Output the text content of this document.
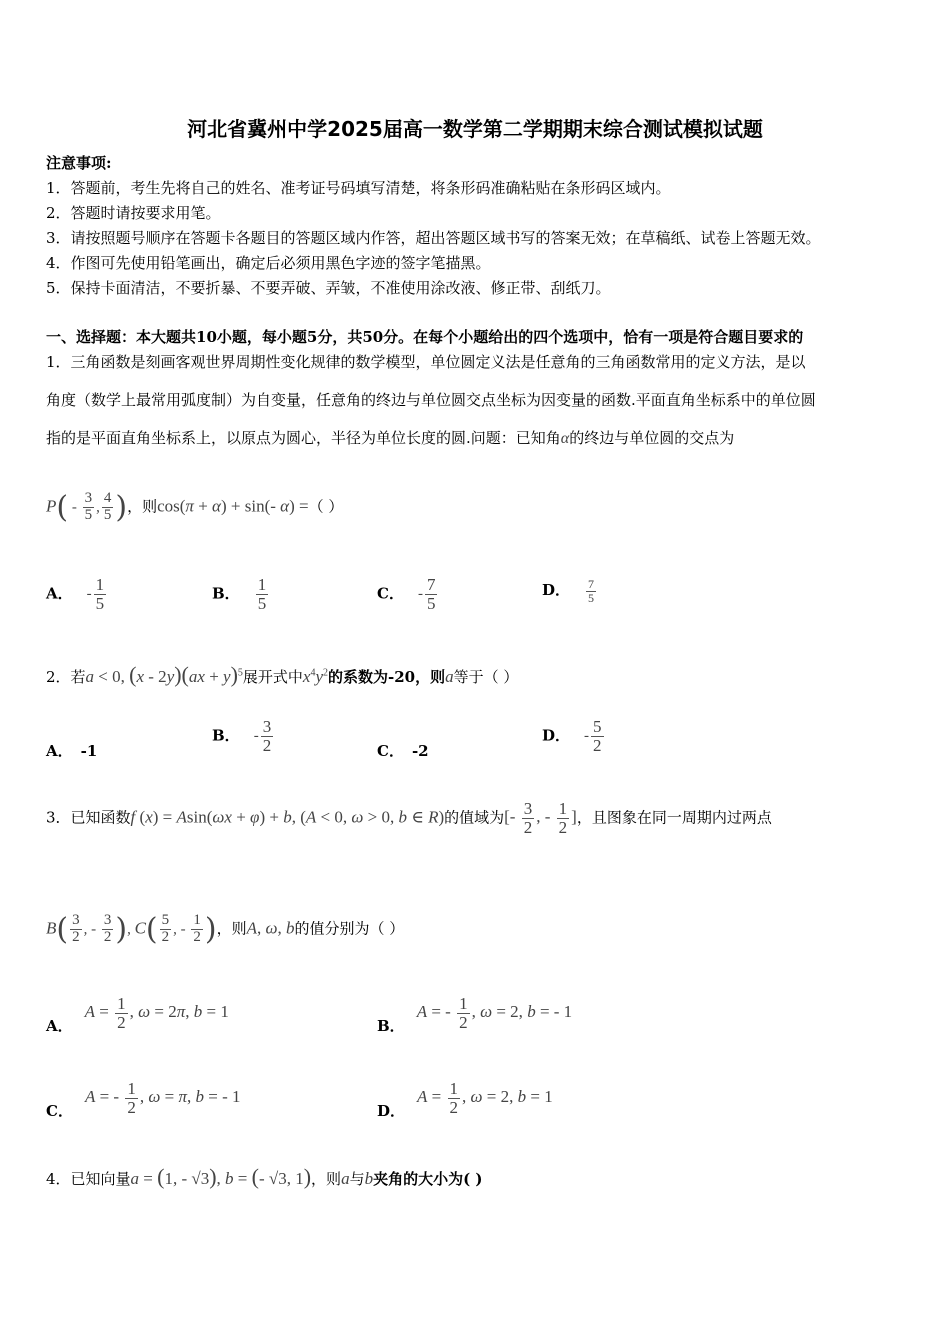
河北省冀州中学2025届高一数学第二学期期末综合测试模拟试题
注意事项:
1．答题前，考生先将自己的姓名、准考证号码填写清楚，将条形码准确粘贴在条形码区域内。
2．答题时请按要求用笔。
3．请按照题号顺序在答题卡各题目的答题区域内作答，超出答题区域书写的答案无效；在草稿纸、试卷上答题无效。
4．作图可先使用铅笔画出，确定后必须用黑色字迹的签字笔描黑。
5．保持卡面清洁，不要折暴、不要弄破、弄皱，不准使用涂改液、修正带、刮纸刀。
一、选择题：本大题共10小题，每小题5分，共50分。在每个小题给出的四个选项中，恰有一项是符合题目要求的
1．三角函数是刻画客观世界周期性变化规律的数学模型，单位圆定义法是任意角的三角函数常用的定义方法，是以
角度（数学上最常用弧度制）为自变量，任意角的终边与单位圆交点坐标为因变量的函数.平面直角坐标系中的单位圆
指的是平面直角坐标系上，以原点为圆心，半径为单位长度的圆.问题：已知角α的终边与单位圆的交点为
$P( - \frac{3}{5}$ , $\frac{4}{5}$ )，则cos(π + α) + sin(- α) =（ ）
A． - $\frac{1}{5}$	B． $\frac{1}{5}$	C． - $\frac{7}{5}$	D． $\frac{7}{5}$
2．若a < 0, (x - 2y)(ax + y)$^5$展开式中$x^4y^2$的系数为-20，则a等于（ ）
A． -1
B． - $\frac{3}{2}$	C． -2
D． - $\frac{5}{2}$
3．已知函数f (x) = Asin(ωx + φ) + b, (A < 0, ω > 0, b ∈ R)的值域为[- $\frac{3}{2}$ , - $\frac{1}{2}$ ]，且图象在同一周期内过两点
$B( \frac{3}{2}$ , - $\frac{3}{2}$ ), $C( \frac{5}{2}$ , - $\frac{1}{2}$ )，则A, ω, b的值分别为（ ）
A．$A = \frac{1}{2}$ , ω = 2π, b = 1
B．A = - $\frac{1}{2}$ , ω = 2, b = - 1
C．A = - $\frac{1}{2}$ , ω = π, b = - 1
D．$A = \frac{1}{2}$ , ω = 2, b = 1
4．已知向量a = (1, - √3), b = (- √3, 1)，则a与b夹角的大小为( )
